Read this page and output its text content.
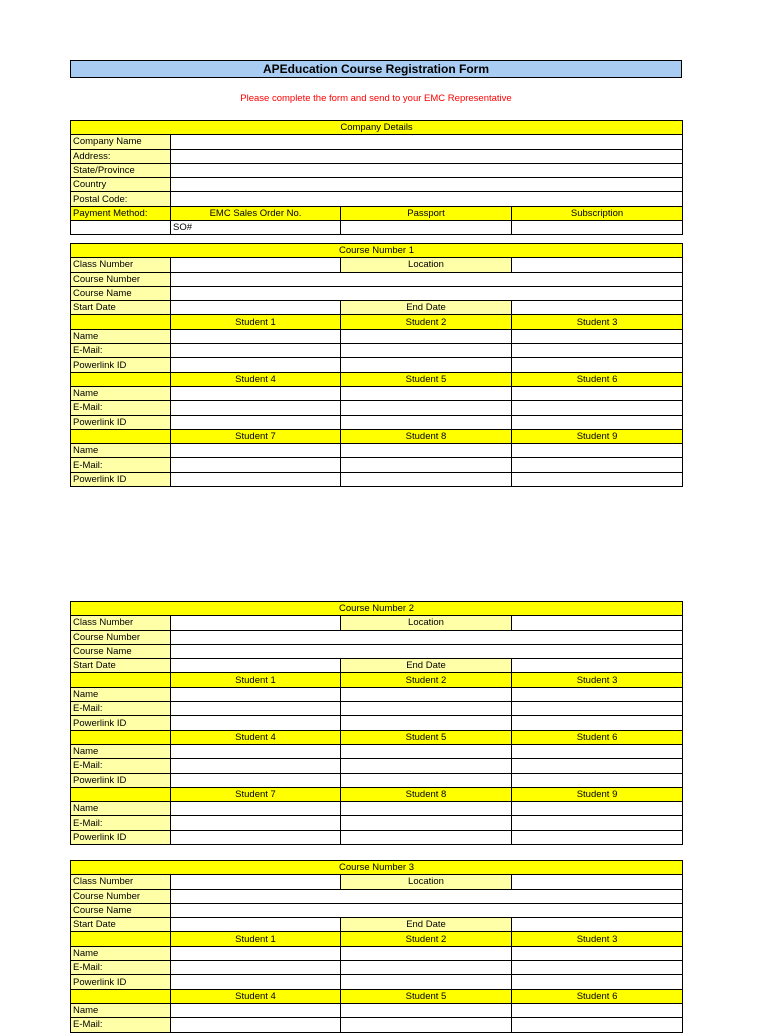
APEducation Course Registration Form
Please complete the form and send to your EMC Representative
Company Details			
Company Name			
Address:			
State/Province			
Country			
Postal Code:			
Payment Method:	EMC Sales Order No.	Passport	Subscription
	SO#		
Course Number 1			
Class Number		Location	
Course Number			
Course Name			
Start Date		End Date	
	Student 1	Student 2	Student 3
Name			
E-Mail:			
Powerlink ID			
	Student 4	Student 5	Student 6
Name			
E-Mail:			
Powerlink ID			
	Student 7	Student 8	Student 9
Name			
E-Mail:			
Powerlink ID			
Course Number 2			
Class Number		Location	
Course Number			
Course Name			
Start Date		End Date	
	Student 1	Student 2	Student 3
Name			
E-Mail:			
Powerlink ID			
	Student 4	Student 5	Student 6
Name			
E-Mail:			
Powerlink ID			
	Student 7	Student 8	Student 9
Name			
E-Mail:			
Powerlink ID			
Course Number 3			
Class Number		Location	
Course Number			
Course Name			
Start Date		End Date	
	Student 1	Student 2	Student 3
Name			
E-Mail:			
Powerlink ID			
	Student 4	Student 5	Student 6
Name			
E-Mail:			
